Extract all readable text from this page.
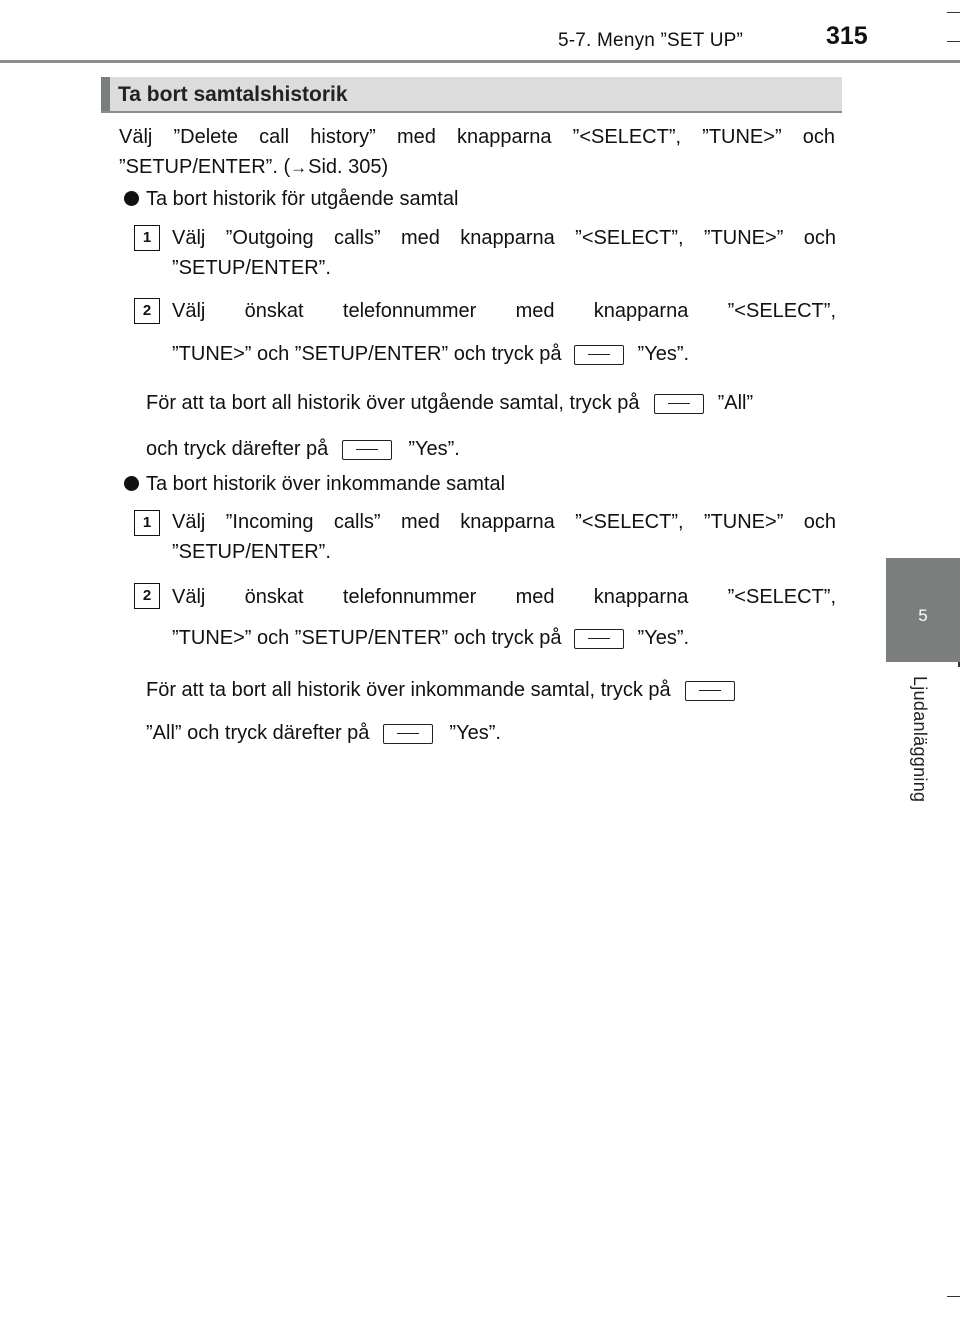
5-7. Menyn ”SET UP”	315
5
Ljudanläggning
Ta bort samtalshistorik
Välj ”Delete call history” med knapparna ”<SELECT”, ”TUNE>” och
”SETUP/ENTER”. (→Sid. 305)
Ta bort historik för utgående samtal
1	Välj ”Outgoing calls” med knapparna ”<SELECT”, ”TUNE>” och
”SETUP/ENTER”.
2	Välj önskat telefonnummer med knapparna ”<SELECT”,
”TUNE>” och ”SETUP/ENTER” och tryck på	”Yes”.
För att ta bort all historik över utgående samtal, tryck på	”All”
och tryck därefter på	”Yes”.
Ta bort historik över inkommande samtal
1	Välj ”Incoming calls” med knapparna ”<SELECT”, ”TUNE>” och
”SETUP/ENTER”.
2	Välj önskat telefonnummer med knapparna ”<SELECT”,
”TUNE>” och ”SETUP/ENTER” och tryck på	”Yes”.
För att ta bort all historik över inkommande samtal, tryck på
”All” och tryck därefter på	”Yes”.
